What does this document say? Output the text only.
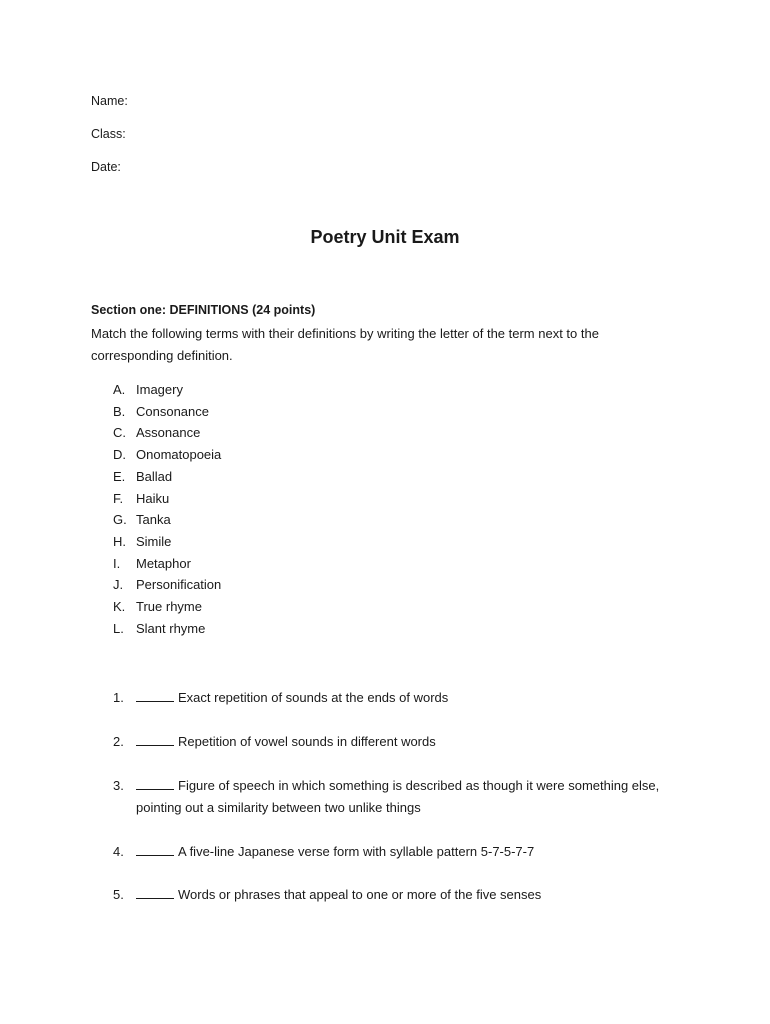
Name:
Class:
Date:
Poetry Unit Exam
Section one: DEFINITIONS (24 points)
Match the following terms with their definitions by writing the letter of the term next to the corresponding definition.
A. Imagery
B. Consonance
C. Assonance
D. Onomatopoeia
E. Ballad
F. Haiku
G. Tanka
H. Simile
I.	Metaphor
J. Personification
K. True rhyme
L. Slant rhyme
1.	Exact repetition of sounds at the ends of words
2.	Repetition of vowel sounds in different words
3.	Figure of speech in which something is described as though it were something else, pointing out a similarity between two unlike things
4.	A five-line Japanese verse form with syllable pattern 5-7-5-7-7
5.	Words or phrases that appeal to one or more of the five senses
